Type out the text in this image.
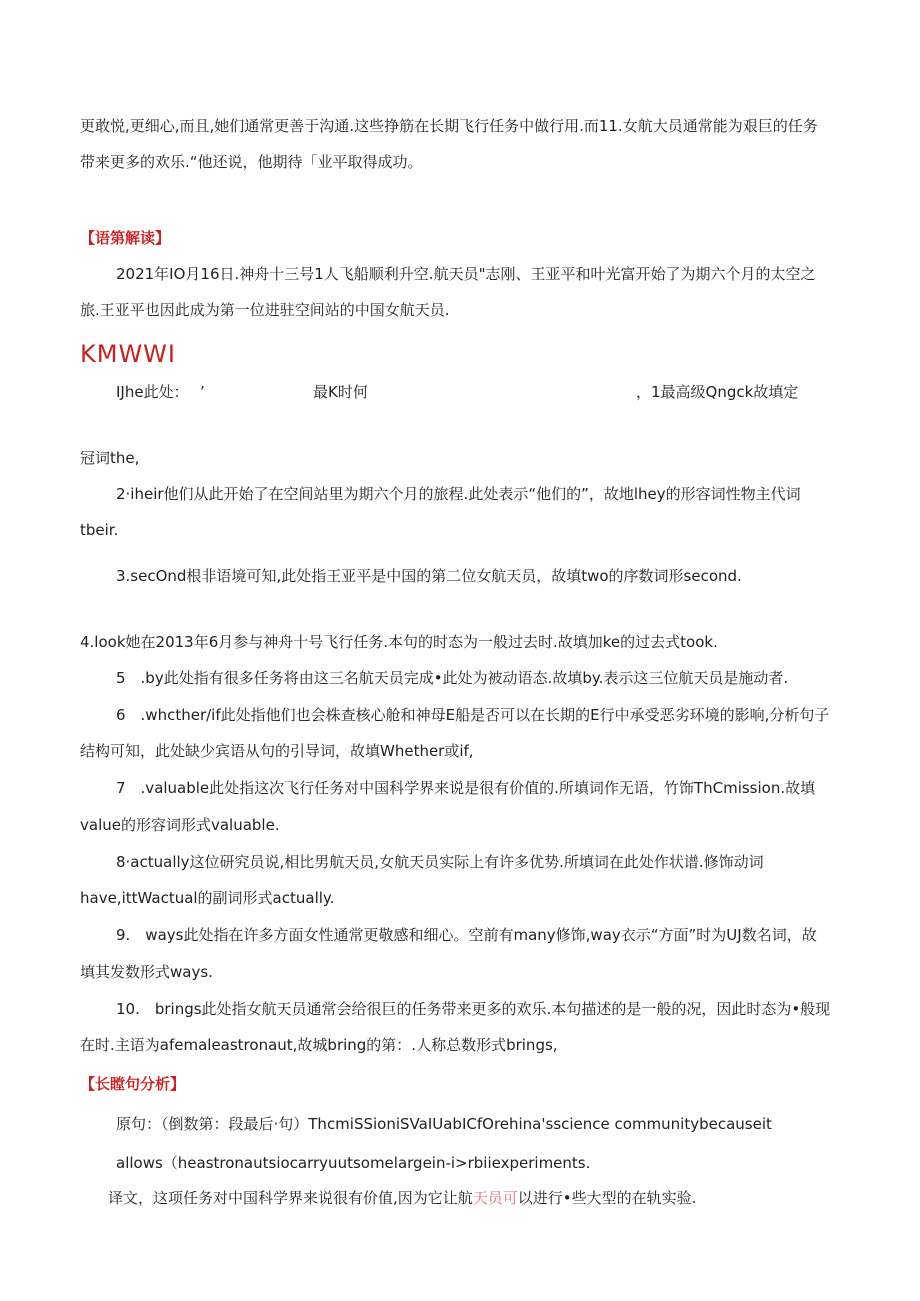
更敢悦,更细心,而且,她们通常更善于沟通.这些挣筋在长期飞行任务中做行用.而11.女航大员通常能为艰巨的任务
带来更多的欢乐.“他还说，他期待「业平取得成功。
【语第解读】
2021年IO月16日.神舟十三号1人飞船顺利升空.航天员"志刚、王亚平和叶光富开始了为期六个月的太空之
旅.王亚平也因此成为第一位进驻空间站的中国女航天员.
KMWWI
IJhe此处： ’	最K时何	，1最高级Qngck故填定
冠词the,
2·iheir他们从此开始了在空间站里为期六个月的旅程.此处表示“他们的”，故地lhey的形容词性物主代词
tbeir.
3.secOnd根非语境可知,此处指王亚平是中国的第二位女航天员，故填two的序数词形second.
4.look她在2013年6月参与神舟十号飞行任务.本句的时态为一般过去时.故填加ke的过去式took.
5　.by此处指有很多任务将由这三名航天员完成•此处为被动语态.故填by.表示这三位航天员是施动者.
6　.whcther∕if此处指他们也会株查核心舱和神母E船是否可以在长期的E行中承受恶劣环境的影响,分析句子
结构可知，此处缺少宾语从句的引导词，故填Whether或if,
7　.valuable此处指这次飞行任务对中国科学界来说是很有价值的.所填词作无语，竹饰ThCmission.故填
value的形容词形式valuable.
8·actually这位研究员说,相比男航天员,女航天员实际上有许多优势.所填词在此处作状谱.修饰动词
have,ittWactual的副词形式actually.
9.　ways此处指在许多方面女性通常更敬感和细心。空前有many修饰,way衣示“方面”时为UJ数名词，故
填其发数形式ways.
10.　brings此处指女航天员通常会给很巨的任务带来更多的欢乐.本句描述的是一般的况，因此时态为•般现
在时.主语为afemaleastronaut,故城bring的第：.人称总数形式brings,
【长瞠句分析】
原句：（倒数第：段最后·句）ThcmiSSioniSVaIUabICfOrehina'sscience communitybecauseit
allows（heastronautsiocarryuutsomelargein-i>rbiiexperiments.
译文，这项任务对中国科学界来说很有价值,因为它让航天员可以进行•些大型的在轨实验.
